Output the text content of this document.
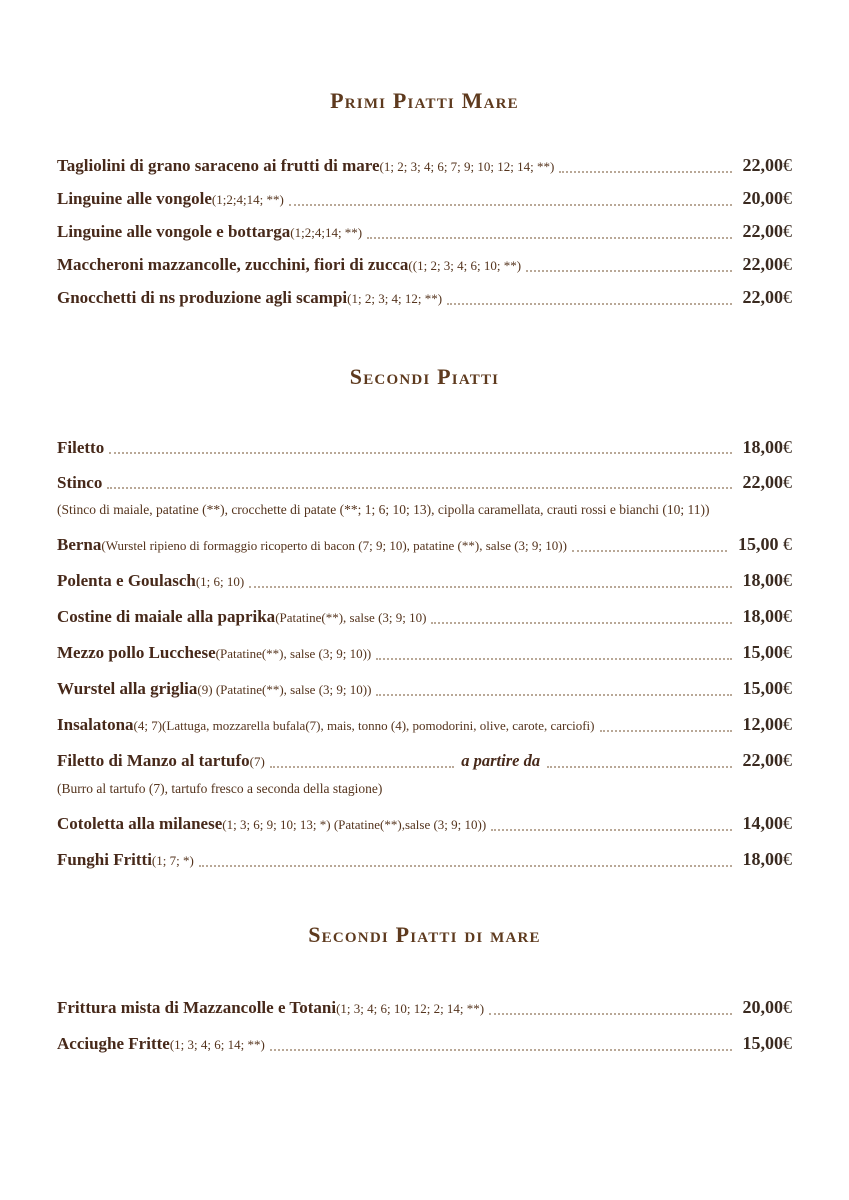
Primi Piatti Mare
Tagliolini di grano saraceno ai frutti di mare (1; 2; 3; 4; 6; 7; 9; 10; 12; 14; **)	22,00€
Linguine alle vongole (1;2;4;14; **)	20,00€
Linguine alle vongole e bottarga (1;2;4;14; **)	22,00€
Maccheroni mazzancolle, zucchini, fiori di zucca ((1; 2; 3; 4; 6; 10; **)	22,00€
Gnocchetti di ns produzione agli scampi (1; 2; 3; 4; 12; **)	22,00€
Secondi Piatti
Filetto	18,00€
Stinco	22,00€
(Stinco di maiale, patatine (**), crocchette di patate (**; 1; 6; 10; 13), cipolla caramellata, crauti rossi e bianchi (10; 11))
Berna (Wurstel ripieno di formaggio ricoperto di bacon (7; 9; 10), patatine (**), salse (3; 9; 10))	15,00 €
Polenta e Goulasch (1; 6; 10)	18,00€
Costine di maiale alla paprika (Patatine(**), salse (3; 9; 10)	18,00€
Mezzo pollo Lucchese (Patatine(**), salse (3; 9; 10))	15,00€
Wurstel alla griglia (9) (Patatine(**), salse (3; 9; 10))	15,00€
Insalatona (4; 7)(Lattuga, mozzarella bufala(7), mais, tonno (4), pomodorini, olive, carote, carciofi)	12,00€
Filetto di Manzo al tartufo (7)	a partire da	22,00€
(Burro al tartufo (7), tartufo fresco a seconda della stagione)
Cotoletta alla milanese (1; 3; 6; 9; 10; 13; *) (Patatine(**),salse (3; 9; 10))	14,00€
Funghi Fritti (1; 7; *)	18,00€
Secondi Piatti di mare
Frittura mista di Mazzancolle e Totani (1; 3; 4; 6; 10; 12; 2; 14; **)	20,00€
Acciughe Fritte (1; 3; 4; 6; 14; **)	15,00€
